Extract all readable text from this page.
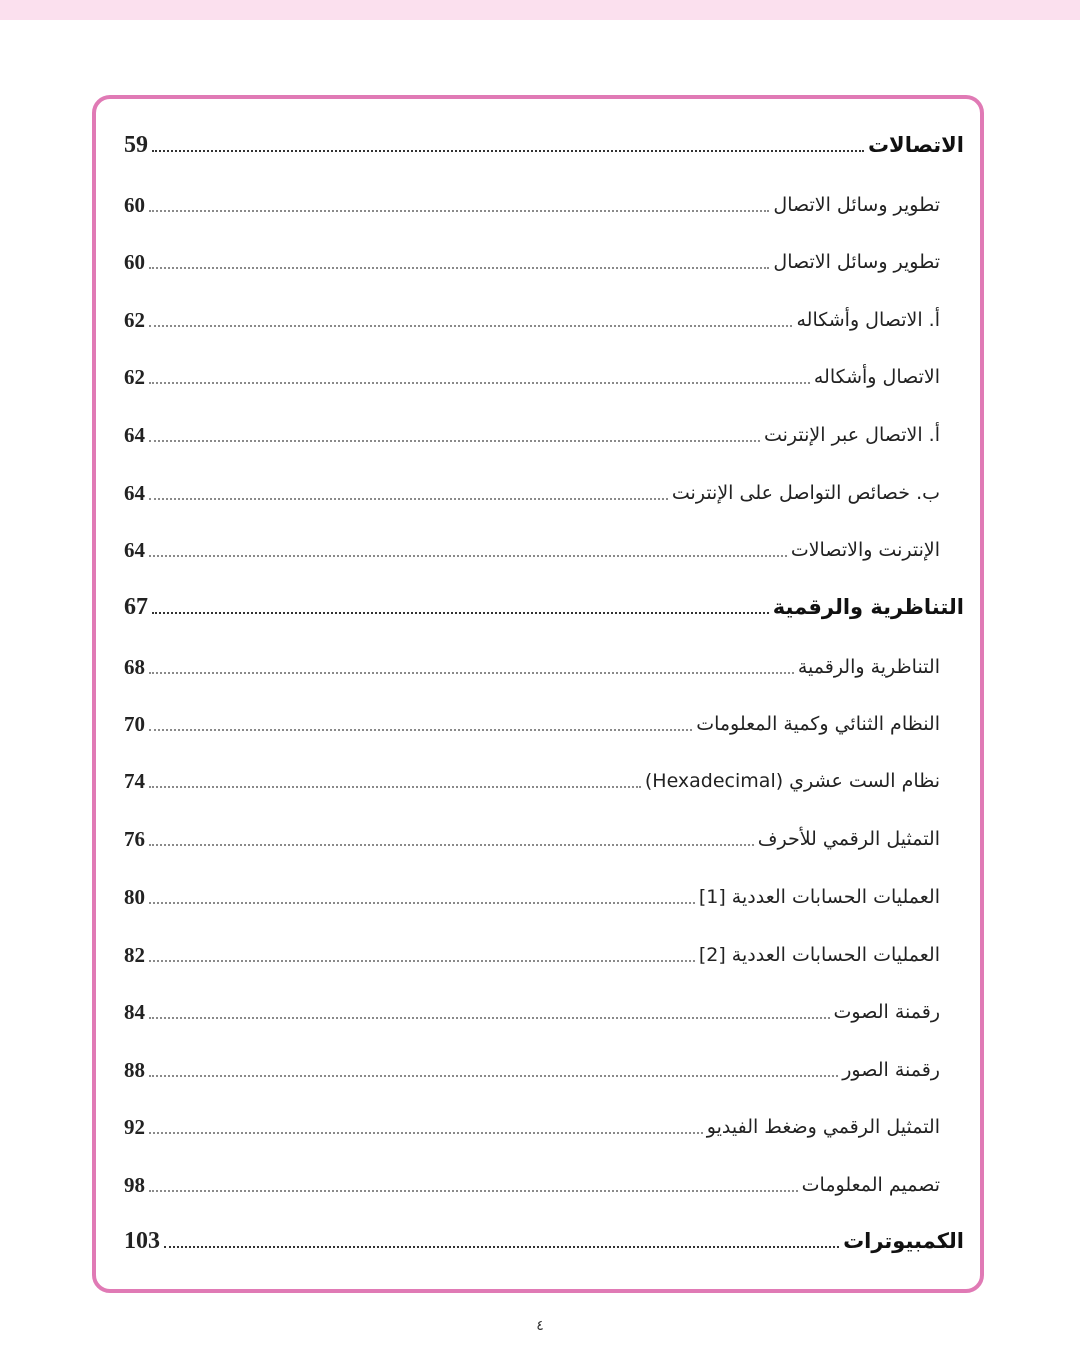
59	الاتصالات
60	تطوير وسائل الاتصال
60	تطوير وسائل الاتصال
62	أ. الاتصال وأشكاله
62	الاتصال وأشكاله
64	أ. الاتصال عبر الإنترنت
64	ب. خصائص التواصل على الإنترنت
64	الإنترنت والاتصالات
67	التناظرية والرقمية
68	التناظرية والرقمية
70	النظام الثنائي وكمية المعلومات
74	نظام الست عشري (Hexadecimal)
76	التمثيل الرقمي للأحرف
80	العمليات الحسابات العددية [1]
82	العمليات الحسابات العددية [2]
84	رقمنة الصوت
88	رقمنة الصور
92	التمثيل الرقمي وضغط الفيديو
98	تصميم المعلومات
103	الكمبيوترات
٤
